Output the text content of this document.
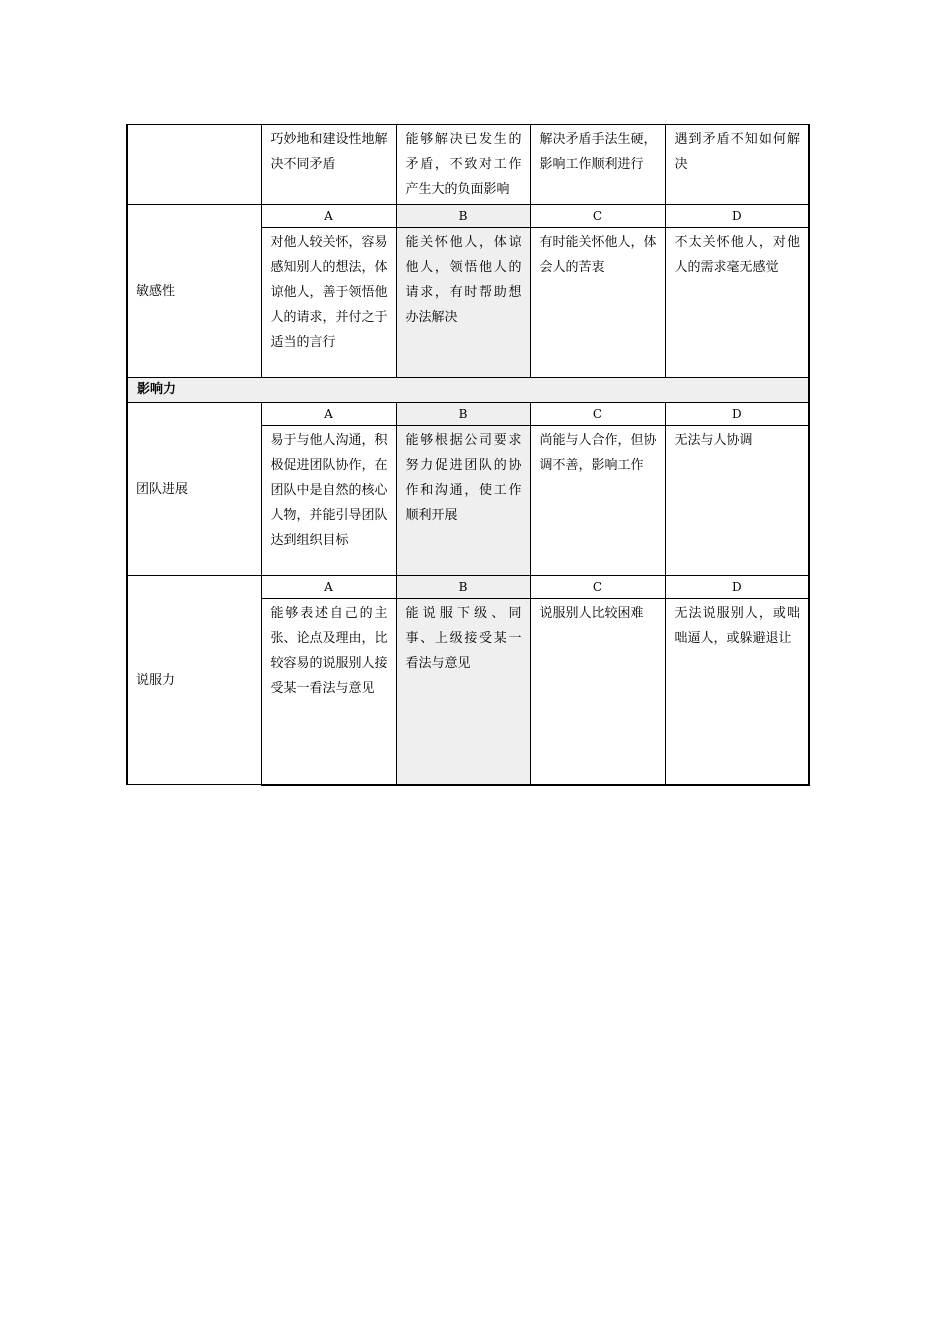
	巧妙地和建设性地解决不同矛盾	能够解决已发生的矛盾，不致对工作产生大的负面影响	解决矛盾手法生硬，影响工作顺利进行	遇到矛盾不知如何解决
敏感性	A	B	C	D
	对他人较关怀，容易感知别人的想法，体谅他人，善于领悟他人的请求，并付之于适当的言行	能关怀他人，体谅他人，领悟他人的请求，有时帮助想办法解决	有时能关怀他人，体会人的苦衷	不太关怀他人，对他人的需求毫无感觉
影响力				
团队进展	A	B	C	D
	易于与他人沟通，积极促进团队协作，在团队中是自然的核心人物，并能引导团队达到组织目标	能够根据公司要求努力促进团队的协作和沟通，使工作顺利开展	尚能与人合作，但协调不善，影响工作	无法与人协调
说服力	A	B	C	D
	能够表述自己的主张、论点及理由，比较容易的说服别人接受某一看法与意见	能说服下级、同事、上级接受某一看法与意见	说服别人比较困难	无法说服别人，或咄咄逼人，或躲避退让
